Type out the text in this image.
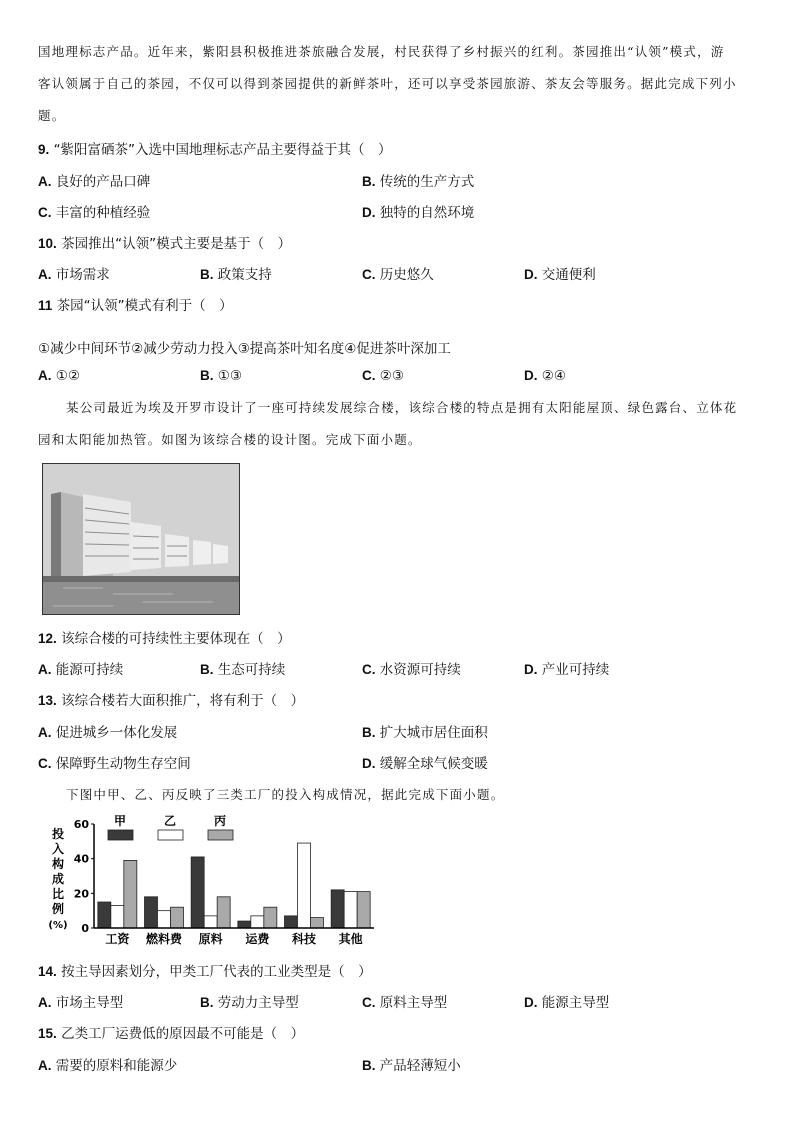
国地理标志产品。近年来，紫阳县积极推进茶旅融合发展，村民获得了乡村振兴的红利。茶园推出“认领”模式，游
客认领属于自己的茶园，不仅可以得到茶园提供的新鲜茶叶，还可以享受茶园旅游、茶友会等服务。据此完成下列小
题。
9. “紫阳富硒茶”入选中国地理标志产品主要得益于其（　）
A. 良好的产品口碑	B. 传统的生产方式
C. 丰富的种植经验	D. 独特的自然环境
10. 茶园推出“认领”模式主要是基于（　）
A. 市场需求	B. 政策支持	C. 历史悠久	D. 交通便利
11 茶园“认领”模式有利于（　）
①减少中间环节②减少劳动力投入③提高茶叶知名度④促进茶叶深加工
A. ①②	B. ①③	C. ②③	D. ②④
某公司最近为埃及开罗市设计了一座可持续发展综合楼，该综合楼的特点是拥有太阳能屋顶、绿色露台、立体花
园和太阳能加热管。如图为该综合楼的设计图。完成下面小题。
12. 该综合楼的可持续性主要体现在（　）
A. 能源可持续	B. 生态可持续	C. 水资源可持续	D. 产业可持续
13. 该综合楼若大面积推广，将有利于（　）
A. 促进城乡一体化发展	B. 扩大城市居住面积
C. 保障野生动物生存空间	D. 缓解全球气候变暖
下图中甲、乙、丙反映了三类工厂的投入构成情况，据此完成下面小题。
投
入
构
成
比
例
(%) 0
20
40
60
工资 燃料费 原料 运费 科技 其他
甲	乙	丙
14. 按主导因素划分，甲类工厂代表的工业类型是（　）
A. 市场主导型	B. 劳动力主导型	C. 原料主导型	D. 能源主导型
15. 乙类工厂运费低的原因最不可能是（　）
A. 需要的原料和能源少	B. 产品轻薄短小
